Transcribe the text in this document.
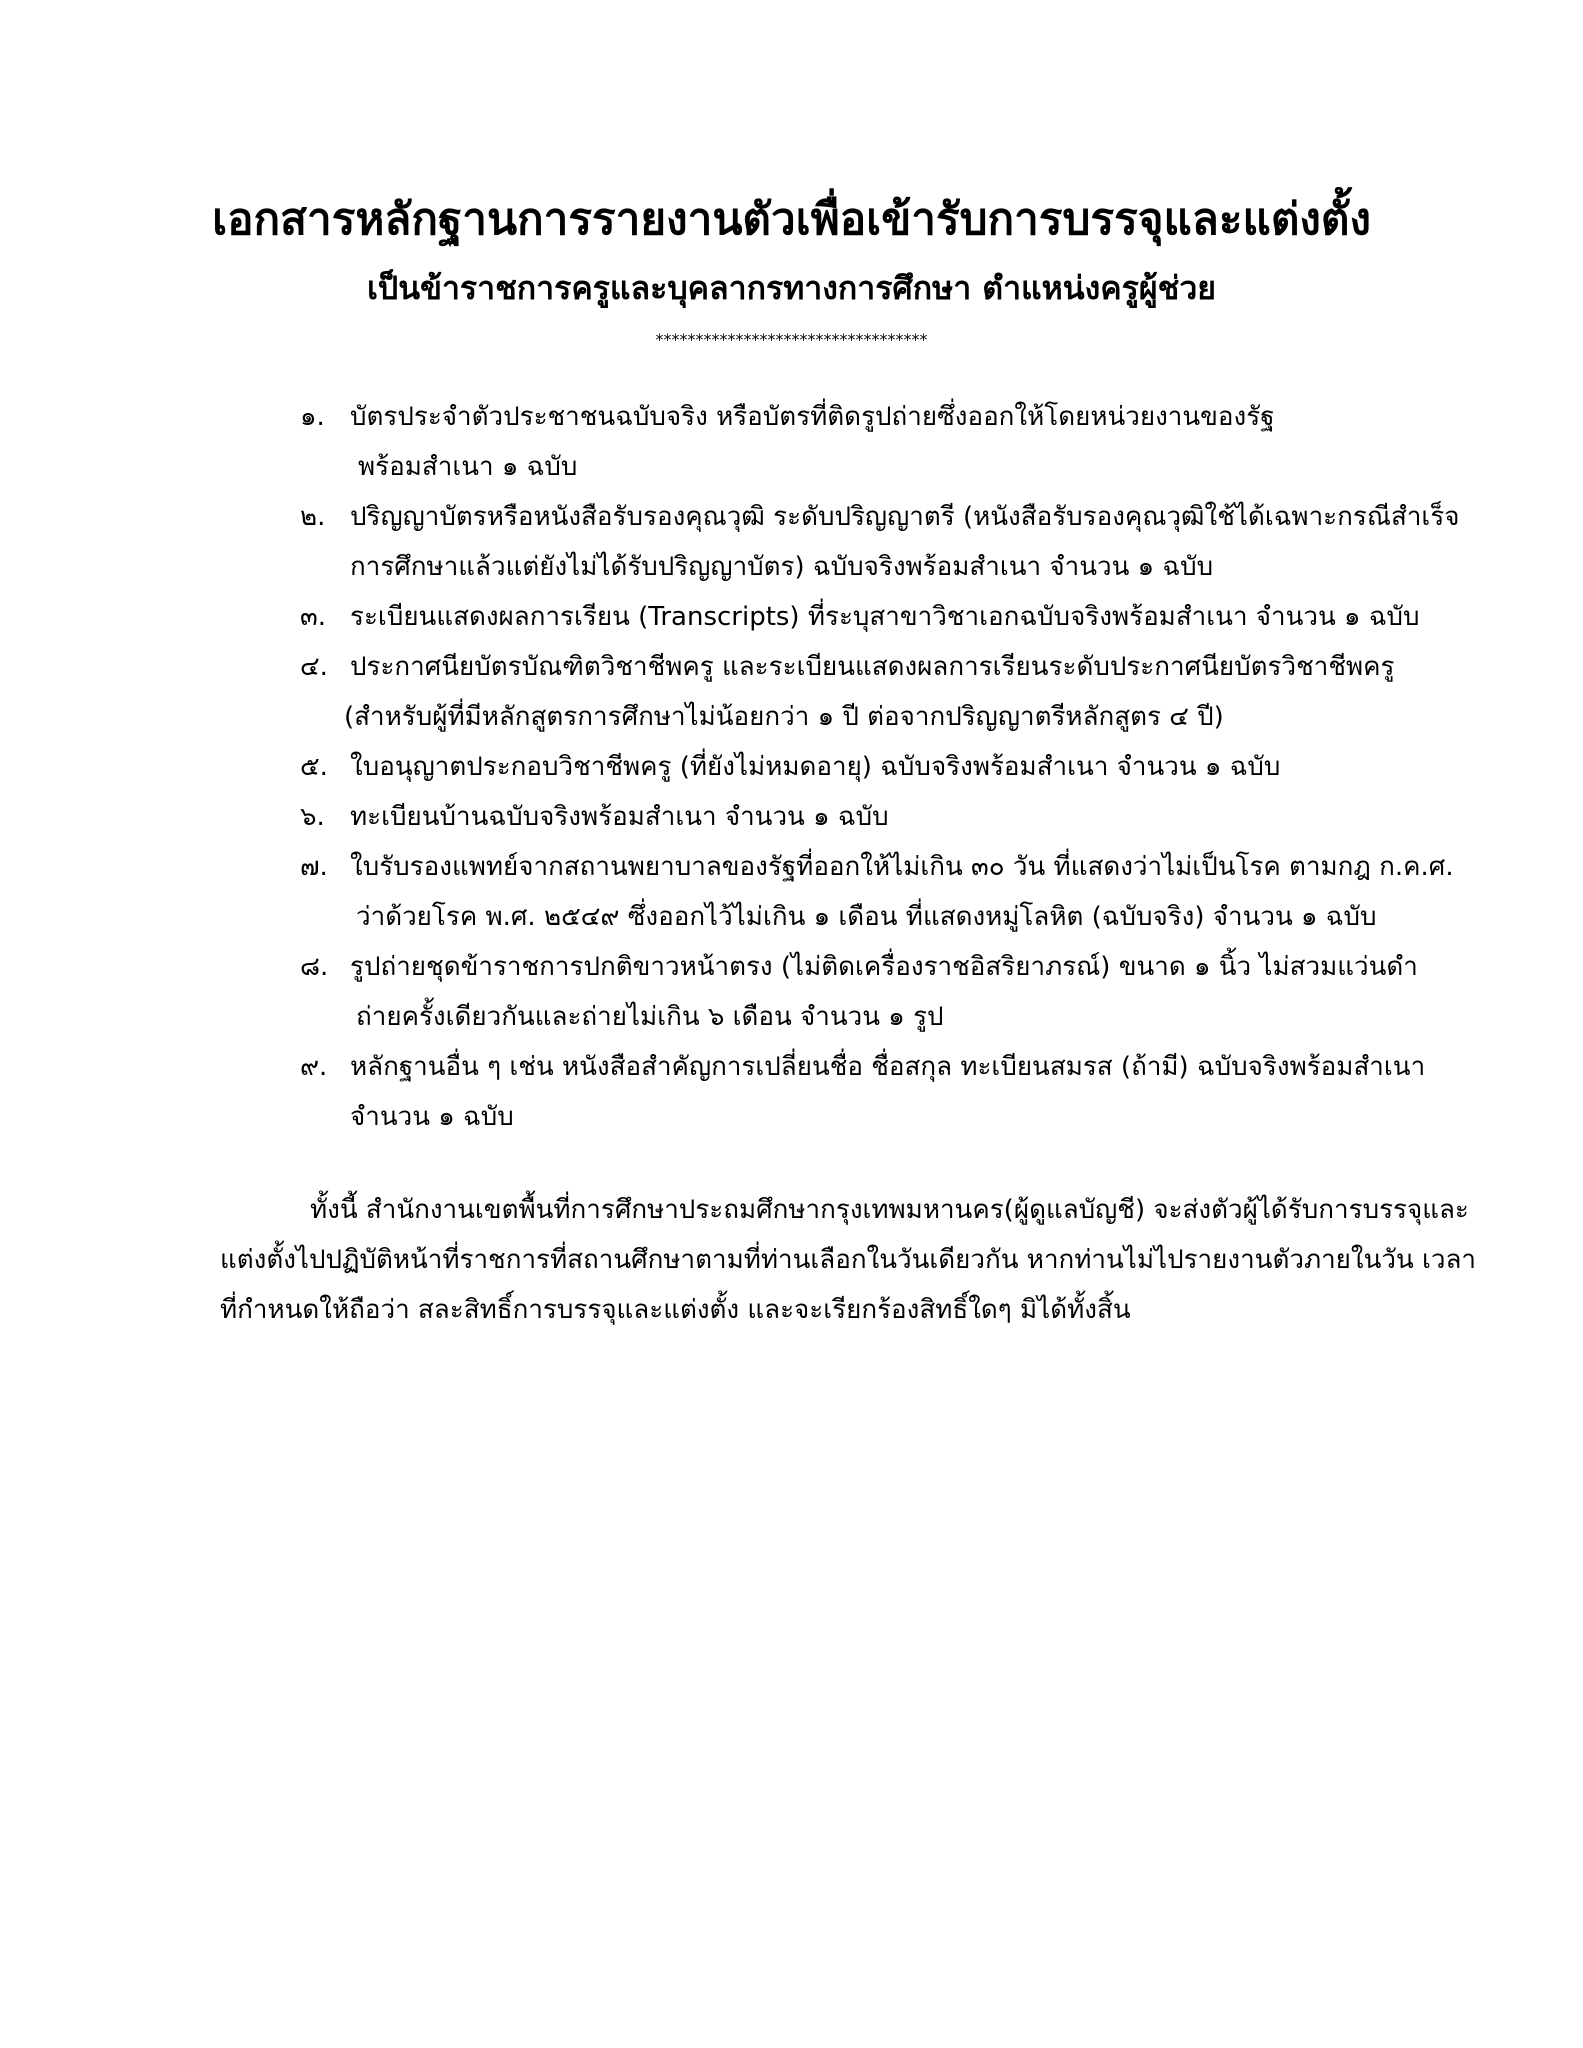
เอกสารหลักฐานการรายงานตัวเพื่อเข้ารับการบรรจุและแต่งตั้ง
เป็นข้าราชการครูและบุคลากรทางการศึกษา ตำแหน่งครูผู้ช่วย
**********************************
๑. บัตรประจำตัวประชาชนฉบับจริง หรือบัตรที่ติดรูปถ่ายซึ่งออกให้โดยหน่วยงานของรัฐ
พร้อมสำเนา ๑ ฉบับ
๒. ปริญญาบัตรหรือหนังสือรับรองคุณวุฒิ ระดับปริญญาตรี (หนังสือรับรองคุณวุฒิใช้ได้เฉพาะกรณีสำเร็จ
การศึกษาแล้วแต่ยังไม่ได้รับปริญญาบัตร) ฉบับจริงพร้อมสำเนา จำนวน ๑ ฉบับ
๓. ระเบียนแสดงผลการเรียน (Transcripts) ที่ระบุสาขาวิชาเอกฉบับจริงพร้อมสำเนา จำนวน ๑ ฉบับ
๔. ประกาศนียบัตรบัณฑิตวิชาชีพครู และระเบียนแสดงผลการเรียนระดับประกาศนียบัตรวิชาชีพครู
(สำหรับผู้ที่มีหลักสูตรการศึกษาไม่น้อยกว่า ๑ ปี ต่อจากปริญญาตรีหลักสูตร ๔ ปี)
๕. ใบอนุญาตประกอบวิชาชีพครู (ที่ยังไม่หมดอายุ) ฉบับจริงพร้อมสำเนา จำนวน ๑ ฉบับ
๖. ทะเบียนบ้านฉบับจริงพร้อมสำเนา จำนวน ๑ ฉบับ
๗. ใบรับรองแพทย์จากสถานพยาบาลของรัฐที่ออกให้ไม่เกิน ๓๐ วัน ที่แสดงว่าไม่เป็นโรค ตามกฎ ก.ค.ศ.
ว่าด้วยโรค พ.ศ. ๒๕๔๙ ซึ่งออกไว้ไม่เกิน ๑ เดือน ที่แสดงหมู่โลหิต (ฉบับจริง) จำนวน ๑ ฉบับ
๘. รูปถ่ายชุดข้าราชการปกติขาวหน้าตรง (ไม่ติดเครื่องราชอิสริยาภรณ์) ขนาด ๑ นิ้ว ไม่สวมแว่นดำ
ถ่ายครั้งเดียวกันและถ่ายไม่เกิน ๖ เดือน จำนวน ๑ รูป
๙. หลักฐานอื่น ๆ เช่น หนังสือสำคัญการเปลี่ยนชื่อ ชื่อสกุล ทะเบียนสมรส (ถ้ามี) ฉบับจริงพร้อมสำเนา
จำนวน ๑ ฉบับ
ทั้งนี้ สำนักงานเขตพื้นที่การศึกษาประถมศึกษากรุงเทพมหานคร(ผู้ดูแลบัญชี) จะส่งตัวผู้ได้รับการบรรจุและ
แต่งตั้งไปปฏิบัติหน้าที่ราชการที่สถานศึกษาตามที่ท่านเลือกในวันเดียวกัน หากท่านไม่ไปรายงานตัวภายในวัน เวลา
ที่กำหนดให้ถือว่า สละสิทธิ์การบรรจุและแต่งตั้ง และจะเรียกร้องสิทธิ์ใดๆ มิได้ทั้งสิ้น
